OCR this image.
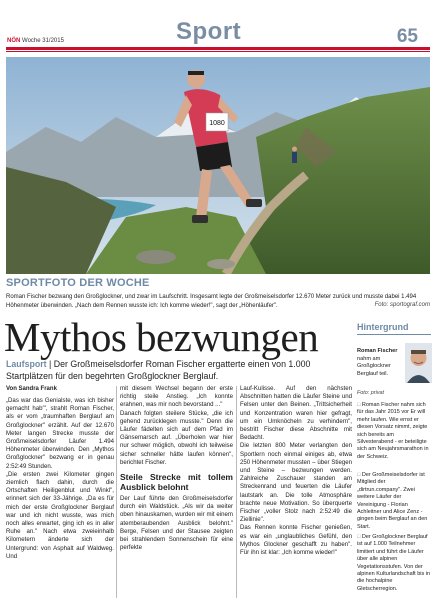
NÖN Woche 31/2015	Sport	65
1080
SPORTFOTO DER WOCHE
Roman Fischer bezwang den Großglockner, und zwar im Laufschritt. Insgesamt legte der Großmeiselsdorfer 12.670 Meter zurück und musste dabei 1.494 Höhenmeter überwinden. „Nach dem Rennen wusste ich: Ich komme wieder!", sagt der „Höhenläufer".	Foto: sportograf.com
Mythos bezwungen
Laufsport | Der Großmeiselsdorfer Roman Fischer ergatterte einen von 1.000 Startplätzen für den begehrten Großglockner Berglauf.
Von Sandra Frank

„Das war das Genialste, was ich bisher gemacht hab'", strahlt Roman Fischer, als er vom „traumhaften Berglauf am Großglockner" erzählt. Auf der 12.670 Meter langen Strecke musste der Großmeiselsdorfer Läufer 1.494 Höhenmeter überwinden. Den „Mythos Großglockner" bezwang er in genau 2:52:49 Stunden.

„Die ersten zwei Kilometer gingen ziemlich flach dahin, durch die Ortschaften Heiligenblut und Winkl", erinnert sich der 33-Jährige. „Da es für mich der erste Großglockner Berglauf war und ich nicht wusste, was mich noch alles erwartet, ging ich es in aller Ruhe an." Nach etwa zweieinhalb Kilometern änderte sich der Untergrund: von Asphalt auf Waldweg. Und

mit diesem Wechsel begann der erste richtig steile Anstieg. „Ich konnte erahnen, was mir noch bevorstand ..."

Danach folgten steilere Stücke, „die ich gehend zurücklegen musste." Denn die Läufer fädelten sich auf dem Pfad im Gänsemarsch auf. „Überholen war hier nur schwer möglich, obwohl ich teilweise sicher schneller hätte laufen können", berichtet Fischer.

Steile Strecke mit tollem Ausblick belohnt

Der Lauf führte den Großmeiselsdorfer durch ein Waldstück. „Als wir da weiter oben hinauskamen, wurden wir mit einem atemberaubenden Ausblick belohnt." Berge, Felsen und der Stausee zeigten bei strahlendem Sonnenschein für eine perfekte

Lauf-Kulisse. Auf den nächsten Abschnitten hatten die Läufer Steine und Felsen unter den Beinen. „Trittsicherheit und Konzentration waren hier gefragt, um ein Umknöcheln zu verhindern", bestritt Fischer diese Abschnitte mit Bedacht.

Die letzten 800 Meter verlangten den Sportlern noch einmal einiges ab, etwa 250 Höhenmeter mussten – über Stiegen und Steine – bezwungen werden. Zahlreiche Zuschauer standen am Streckenrand und feuerten die Läufer lautstark an. Die tolle Atmosphäre brachte neue Motivation. So überquerte Fischer „voller Stolz nach 2:52:49 die Ziellinie".

Das Rennen konnte Fischer genießen, es war ein „unglaubliches Gefühl, den Mythos Glockner geschafft zu haben". Für ihn ist klar: „Ich komme wieder!"

Hintergrund
Roman Fischer
nahm am Großglockner Berglauf teil.
Foto: privat
□ Roman Fischer nahm sich für das Jahr 2015 vor Er will mehr laufen. Wie ernst er diesen Vorsatz nimmt, zeigte sich bereits am Silvesterabend - er beteiligte sich am Neujahrsmarathon in der Schweiz.
□ Der Großmeiselsdorfer ist Mitglied der „dirtrun.company". Zwei weitere Läufer der Vereinigung - Florian Achleitner und Alice Zenz - gingen beim Berglauf an den Start.
□ Der Großglockner Berglauf ist auf 1.000 Teilnehmer limitiert und führt die Läufer über alle alpinen Vegetationsstufen. Von der alpinen Kulturlandschaft bis in die hochalpine Gletscherregion.
